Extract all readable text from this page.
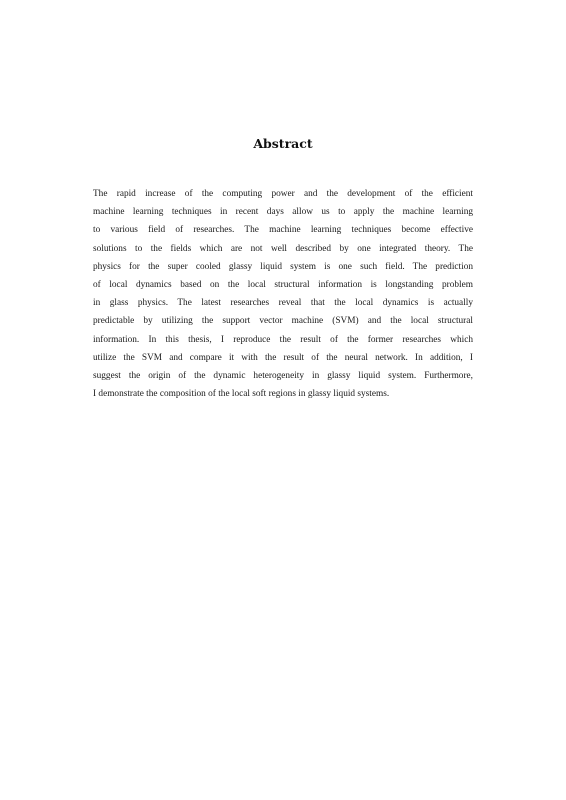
Abstract
The rapid increase of the computing power and the development of the efficient
machine learning techniques in recent days allow us to apply the machine learning
to various field of researches. The machine learning techniques become effective
solutions to the fields which are not well described by one integrated theory. The
physics for the super cooled glassy liquid system is one such field. The prediction
of local dynamics based on the local structural information is longstanding problem
in glass physics. The latest researches reveal that the local dynamics is actually
predictable by utilizing the support vector machine (SVM) and the local structural
information. In this thesis, I reproduce the result of the former researches which
utilize the SVM and compare it with the result of the neural network. In addition, I
suggest the origin of the dynamic heterogeneity in glassy liquid system. Furthermore,
I demonstrate the composition of the local soft regions in glassy liquid systems.
